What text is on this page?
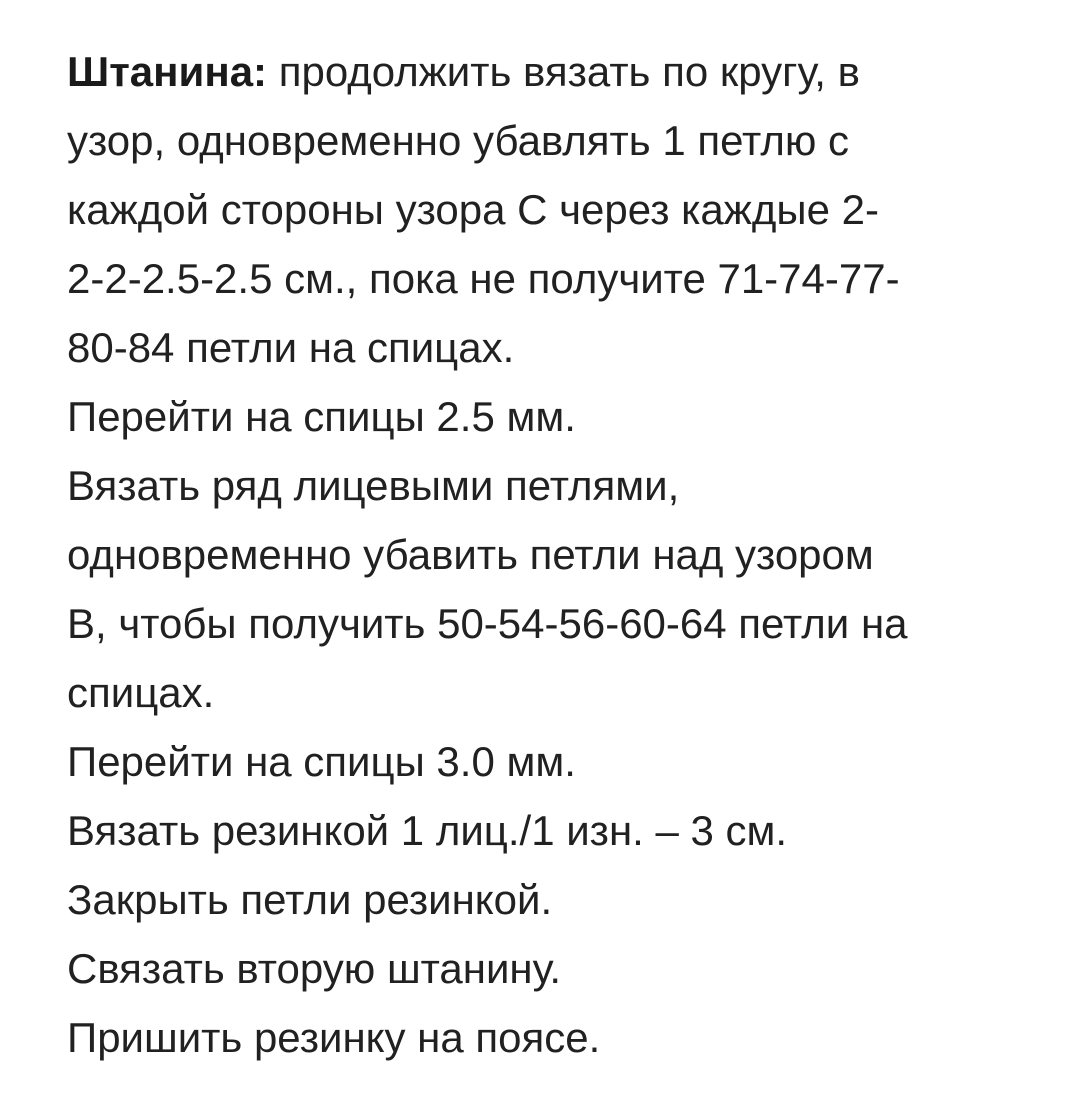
Штанина: продолжить вязать по кругу, в
узор, одновременно убавлять 1 петлю с
каждой стороны узора С через каждые 2-
2-2-2.5-2.5 см., пока не получите 71-74-77-
80-84 петли на спицах.
Перейти на спицы 2.5 мм.
Вязать ряд лицевыми петлями,
одновременно убавить петли над узором
В, чтобы получить 50-54-56-60-64 петли на
спицах.
Перейти на спицы 3.0 мм.
Вязать резинкой 1 лиц./1 изн. – 3 см.
Закрыть петли резинкой.
Связать вторую штанину.
Пришить резинку на поясе.
